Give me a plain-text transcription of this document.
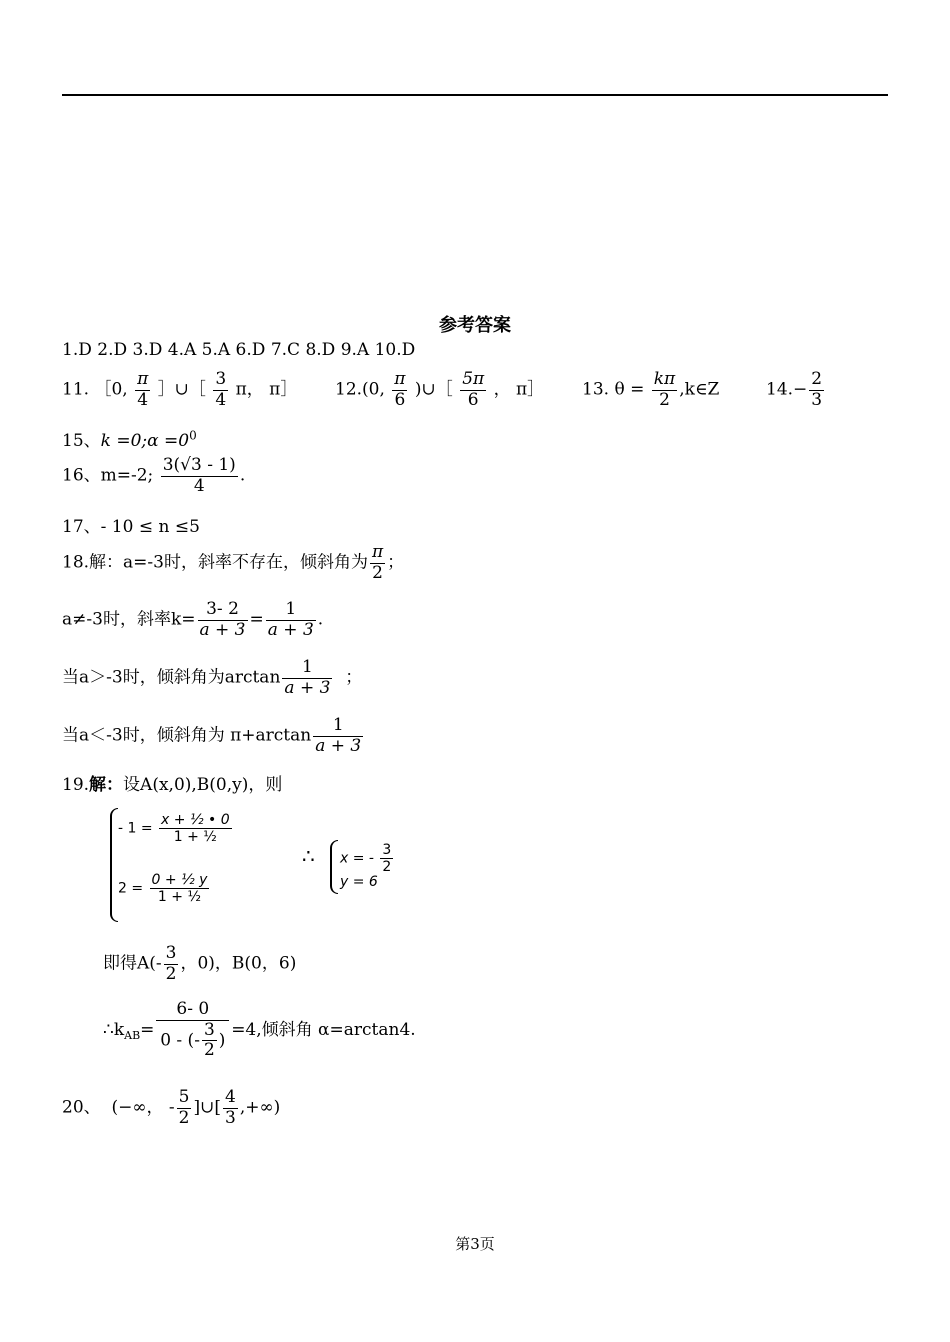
参考答案
1.D 2.D 3.D 4.A 5.A 6.D 7.C 8.D 9.A 10.D
11. ［0, $\frac{\pi}{4}$ ］∪［ $\frac{3}{4}$ π， π］ 12.(0, $\frac{\pi}{6}$ )∪［ $\frac{5\pi}{6}$ ， π］ 13. $\theta = \frac{k\pi}{2}$ ,k∈Z	$14.- \frac{2}{3}$
15、k =0;α $=0^0$
16、m=-2; $\frac{3(√3 - 1)}{4}$ .
17、- 10 ≤ n ≤5
18.解：a=-3时，斜率不存在，倾斜角为 $\frac{\pi}{2}$ ；
a≠-3时，斜率$k= \frac{3- 2}{a + 3} = \frac{1}{a + 3}$ .
当a＞-3时，倾斜角为$\arctan \frac{1}{a + 3}$ ；
当a＜-3时，倾斜角为 $\pi+\arctan \frac{1}{a + 3}$
19.解：设A(x,0),B(0,y)，则
- $1 = \frac{\text{x + ½ • 0}}{\text{1 + ½}}$
$2 = \frac{\text{0 + ½ y}}{\text{1 + ½}}$
∴ x = - $\frac{3}{2}$
y = 6
即得$A(- \frac{3}{2}$ ，0)，B(0，6)
$\therefore k_{AB}= \frac{6- 0}{0 - (- \frac{3}{2} )} =4$,倾斜角 α=arctan4.
20、 (−∞， - $\frac{5}{2}$ ]∪[ $\frac{4}{3}$ ,+∞)
第3页
